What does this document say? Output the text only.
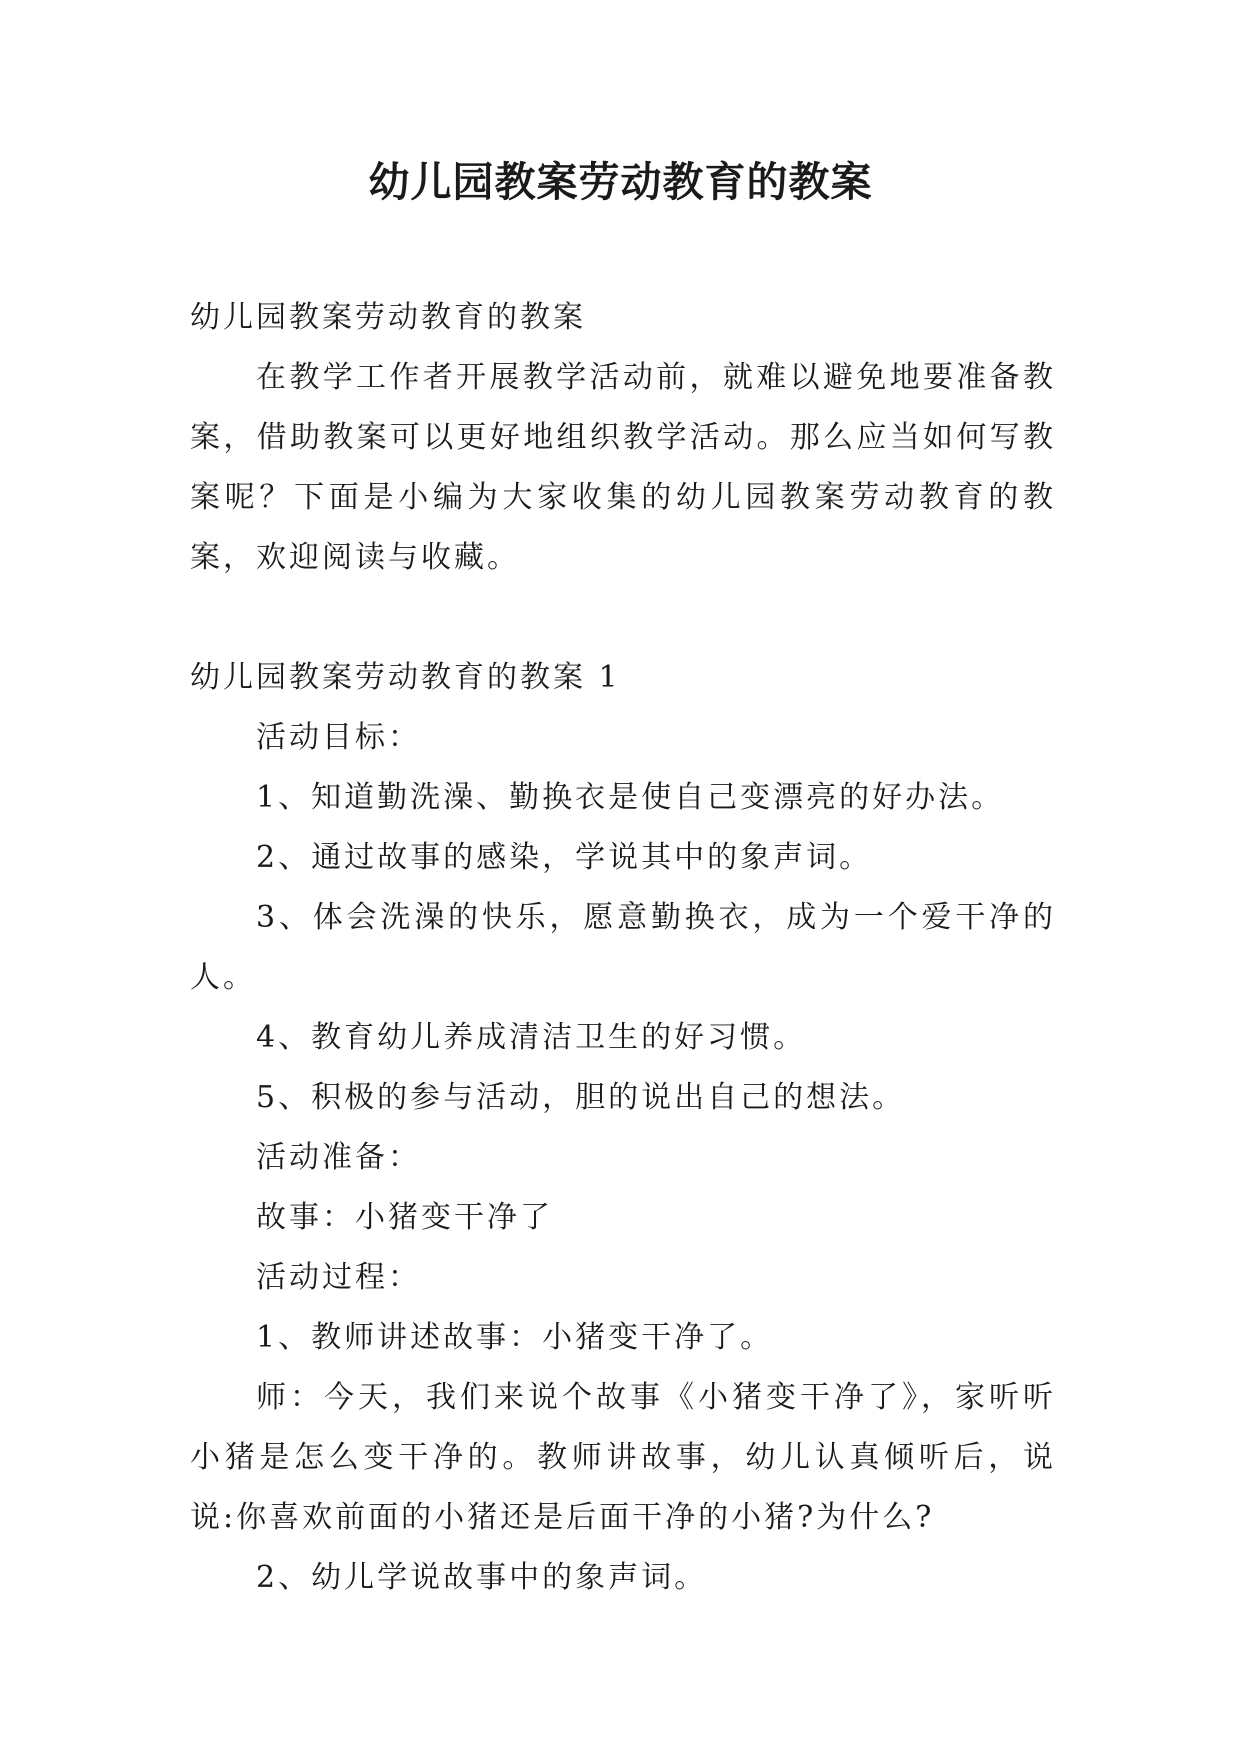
幼儿园教案劳动教育的教案

幼儿园教案劳动教育的教案

在教学工作者开展教学活动前，就难以避免地要准备教案，借助教案可以更好地组织教学活动。那么应当如何写教案呢？下面是小编为大家收集的幼儿园教案劳动教育的教案，欢迎阅读与收藏。

幼儿园教案劳动教育的教案 1

活动目标：

1、知道勤洗澡、勤换衣是使自己变漂亮的好办法。

2、通过故事的感染，学说其中的象声词。

3、体会洗澡的快乐，愿意勤换衣，成为一个爱干净的人。

4、教育幼儿养成清洁卫生的好习惯。

5、积极的参与活动，胆的说出自己的想法。

活动准备：

故事：小猪变干净了

活动过程：

1、教师讲述故事：小猪变干净了。

师：今天，我们来说个故事《小猪变干净了》，家听听小猪是怎么变干净的。教师讲故事，幼儿认真倾听后，说说:你喜欢前面的小猪还是后面干净的小猪?为什么?

2、幼儿学说故事中的象声词。
